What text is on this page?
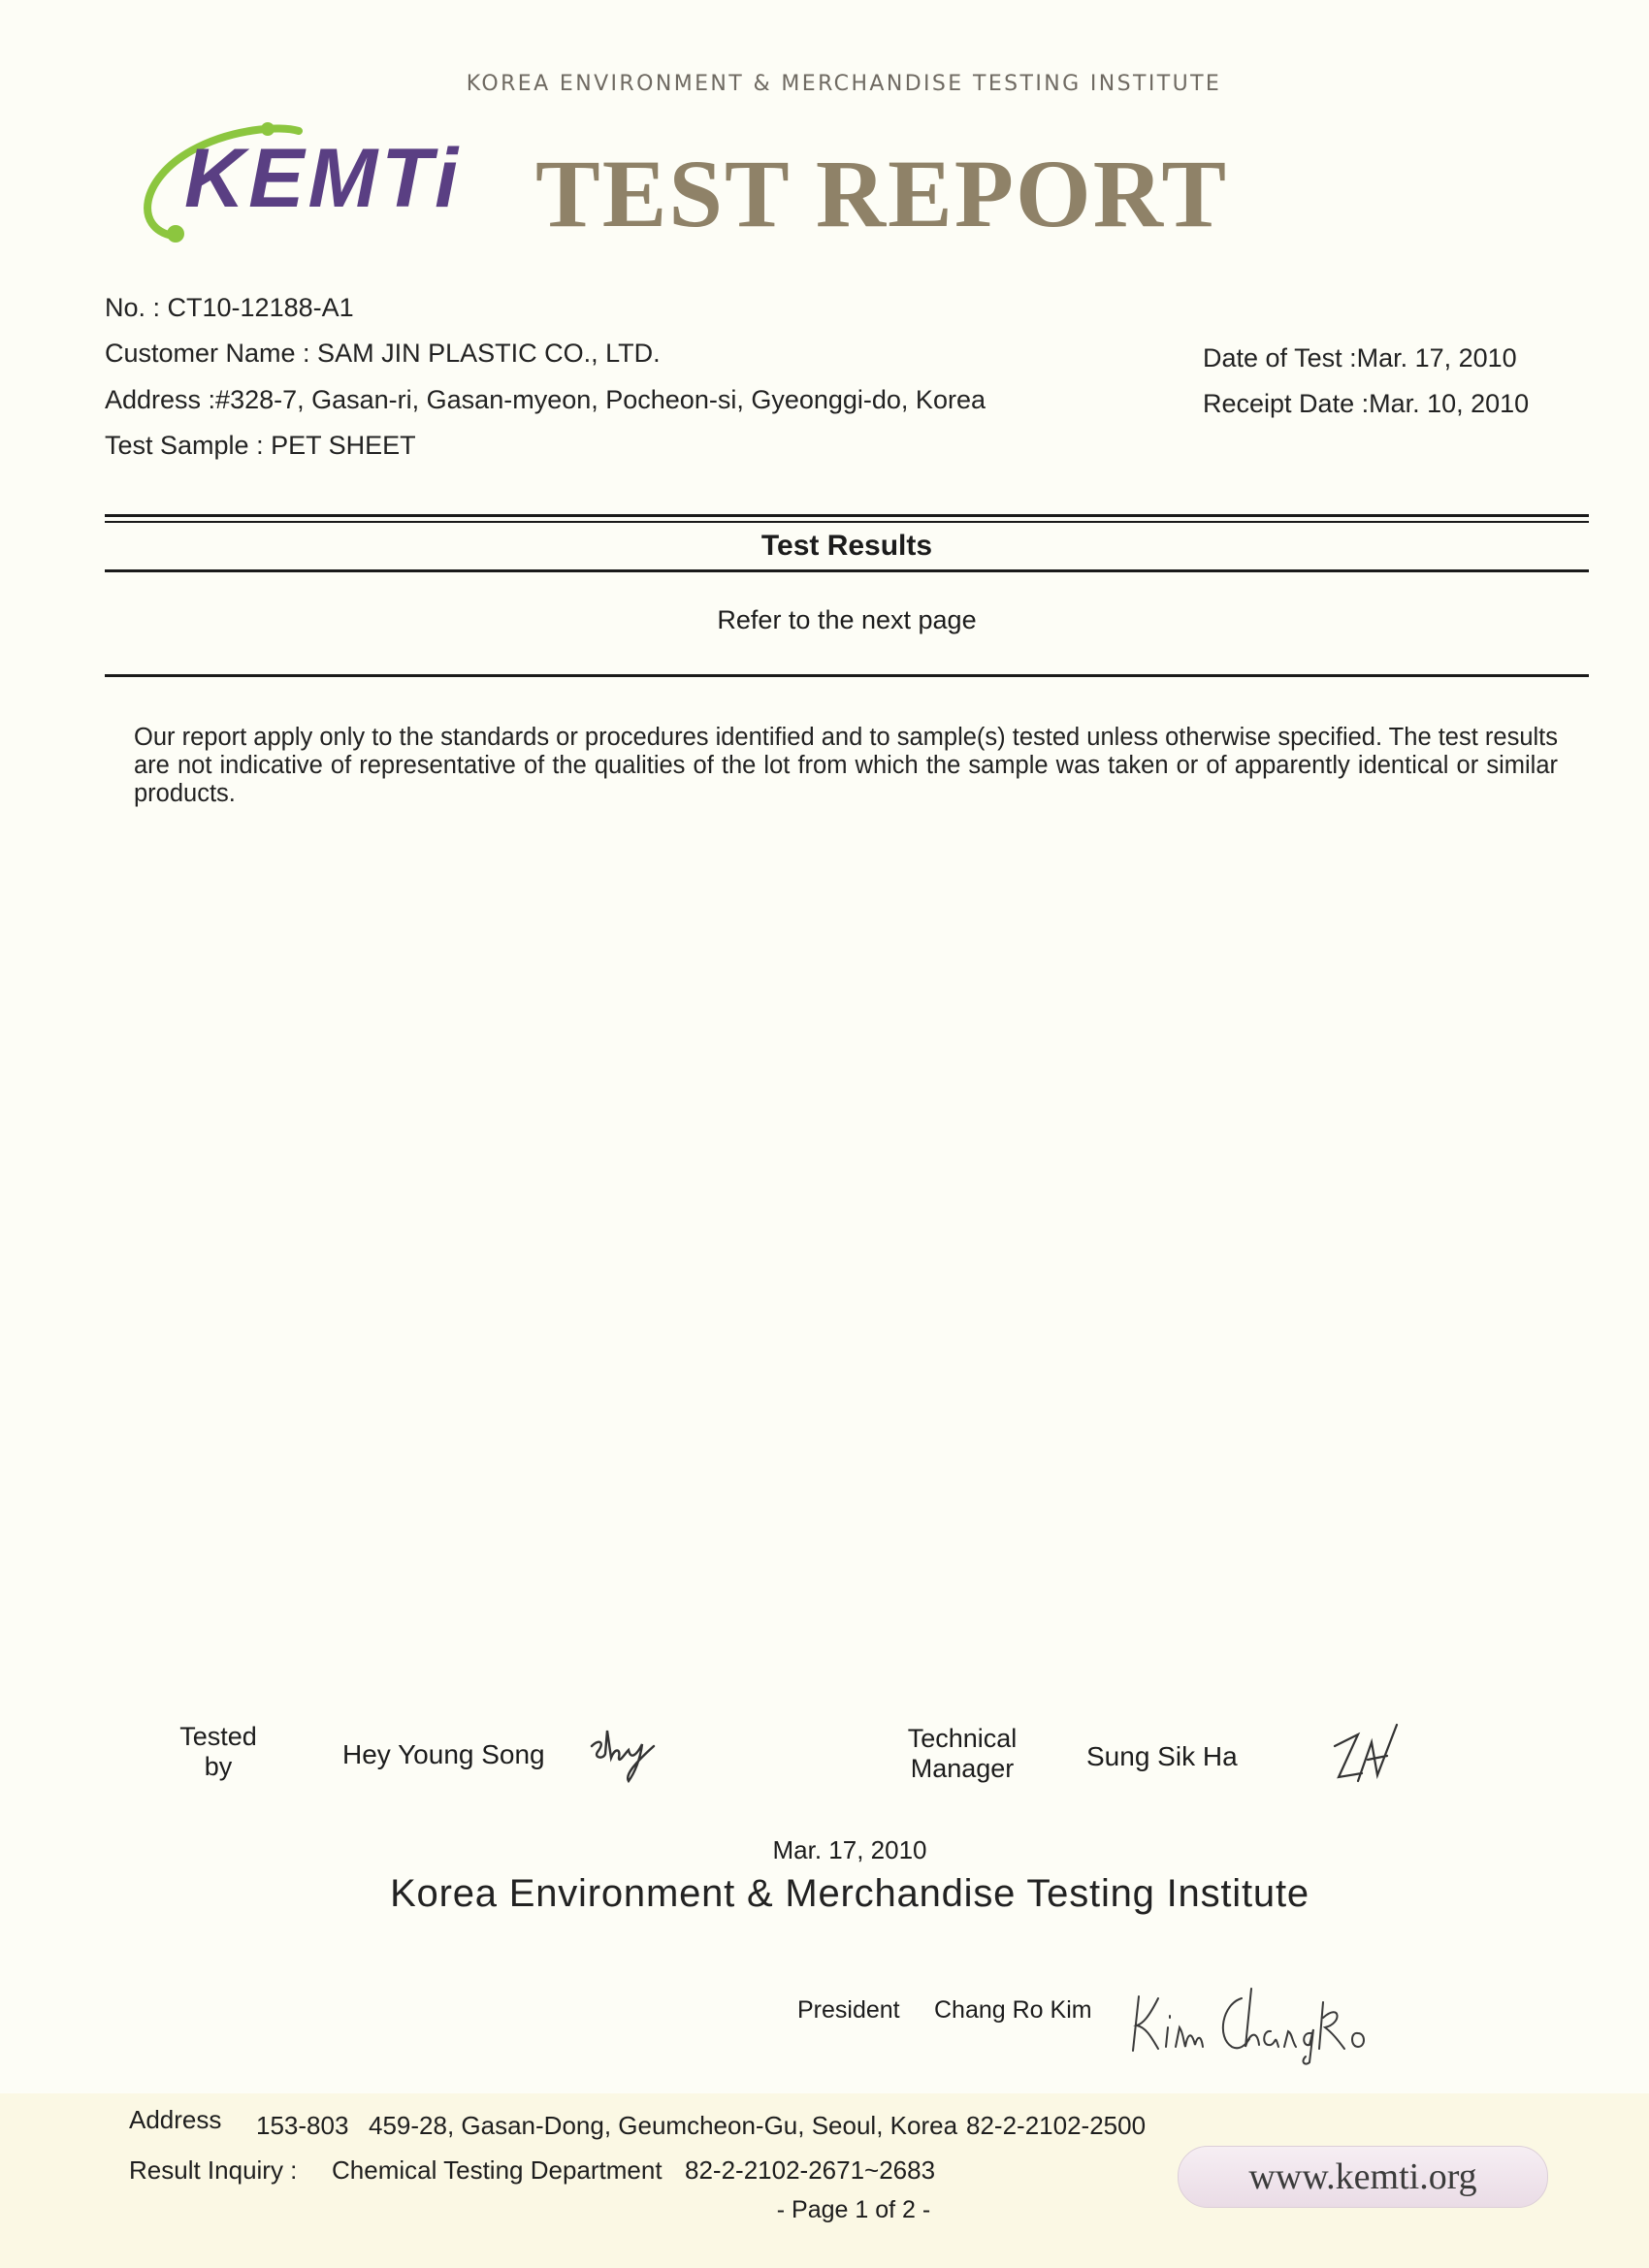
KOREA ENVIRONMENT & MERCHANDISE TESTING INSTITUTE
KEMTi TEST REPORT
No. : CT10-12188-A1
Customer Name : SAM JIN PLASTIC CO., LTD.
Address :#328-7, Gasan-ri, Gasan-myeon, Pocheon-si, Gyeonggi-do, Korea
Test Sample : PET SHEET
Date of Test :Mar. 17, 2010
Receipt Date :Mar. 10, 2010
Test Results
Refer to the next page
Our report apply only to the standards or procedures identified and to sample(s) tested unless otherwise specified. The test results are not indicative of representative of the qualities of the lot from which the sample was taken or of apparently identical or similar products.
Tested
by	Hey Young Song
Technical
Manager	Sung Sik Ha
Mar. 17, 2010
Korea Environment & Merchandise Testing Institute
President Chang Ro Kim
Address 153-803 459-28, Gasan-Dong, Geumcheon-Gu, Seoul, Korea 82-2-2102-2500
Result Inquiry : Chemical Testing Department 82-2-2102-2671~2683	www.kemti.org
- Page 1 of 2 -
